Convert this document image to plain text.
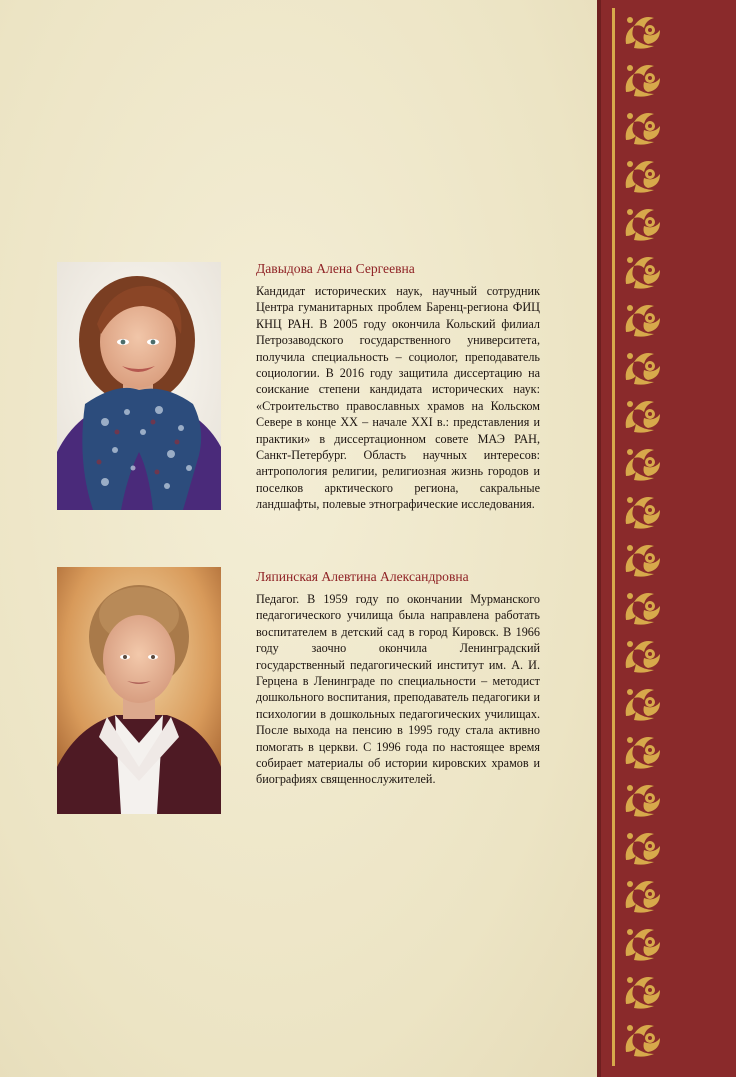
Давыдова Алена Сергеевна

Кандидат исторических наук, научный сотрудник Центра гуманитарных проблем Баренц-региона ФИЦ КНЦ РАН. В 2005 году окончила Кольский филиал Петрозаводского государственного университета, получила специальность – социолог, преподаватель социологии. В 2016 году защитила диссертацию на соискание степени кандидата исторических наук: «Строительство православных храмов на Кольском Севере в конце XX – начале XXI в.: представления и практики» в диссертационном совете МАЭ РАН, Санкт-Петербург. Область научных интересов: антропология религии, религиозная жизнь городов и поселков арктического региона, сакральные ландшафты, полевые этнографические исследования.

Ляпинская Алевтина Александровна

Педагог. В 1959 году по окончании Мурманского педагогического училища была направлена работать воспитателем в детский сад в город Кировск. В 1966 году заочно окончила Ленинградский государственный педагогический институт им. А. И. Герцена в Ленинграде по специальности – методист дошкольного воспитания, преподаватель педагогики и психологии в дошкольных педагогических училищах. После выхода на пенсию в 1995 году стала активно помогать в церкви. С 1996 года по настоящее время собирает материалы об истории кировских храмов и биографиях священнослужителей.
